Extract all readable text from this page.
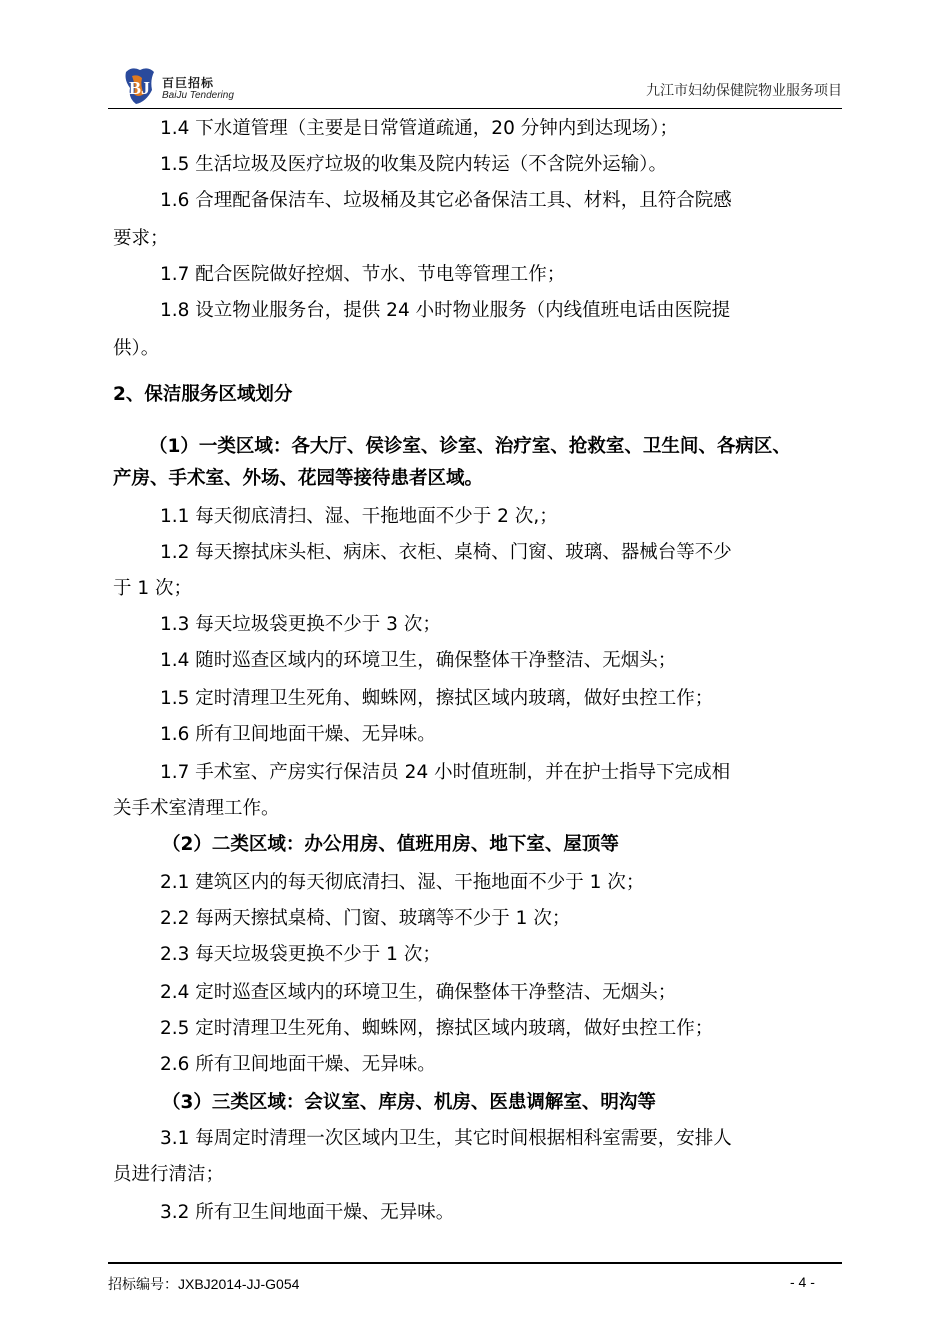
BJ 百巨招标
BaiJu Tendering	九江市妇幼保健院物业服务项目
1.4 下水道管理（主要是日常管道疏通，20 分钟内到达现场）；
1.5 生活垃圾及医疗垃圾的收集及院内转运（不含院外运输）。
1.6 合理配备保洁车、垃圾桶及其它必备保洁工具、材料，且符合院感
要求；
1.7 配合医院做好控烟、节水、节电等管理工作；
1.8 设立物业服务台，提供 24 小时物业服务（内线值班电话由医院提
供）。
2、保洁服务区域划分
（1）一类区域：各大厅、侯诊室、诊室、治疗室、抢救室、卫生间、各病区、
产房、手术室、外场、花园等接待患者区域。
1.1 每天彻底清扫、湿、干拖地面不少于 2 次,；
1.2 每天擦拭床头柜、病床、衣柜、桌椅、门窗、玻璃、器械台等不少
于 1 次；
1.3 每天垃圾袋更换不少于 3 次；
1.4 随时巡查区域内的环境卫生，确保整体干净整洁、无烟头；
1.5 定时清理卫生死角、蜘蛛网，擦拭区域内玻璃，做好虫控工作；
1.6 所有卫间地面干燥、无异味。
1.7 手术室、产房实行保洁员 24 小时值班制，并在护士指导下完成相
关手术室清理工作。
（2）二类区域：办公用房、值班用房、地下室、屋顶等
2.1 建筑区内的每天彻底清扫、湿、干拖地面不少于 1 次；
2.2 每两天擦拭桌椅、门窗、玻璃等不少于 1 次；
2.3 每天垃圾袋更换不少于 1 次；
2.4 定时巡查区域内的环境卫生，确保整体干净整洁、无烟头；
2.5 定时清理卫生死角、蜘蛛网，擦拭区域内玻璃，做好虫控工作；
2.6 所有卫间地面干燥、无异味。
（3）三类区域：会议室、库房、机房、医患调解室、明沟等
3.1 每周定时清理一次区域内卫生，其它时间根据相科室需要，安排人
员进行清洁；
3.2 所有卫生间地面干燥、无异味。
招标编号：JXBJ2014-JJ-G054	- 4 -
